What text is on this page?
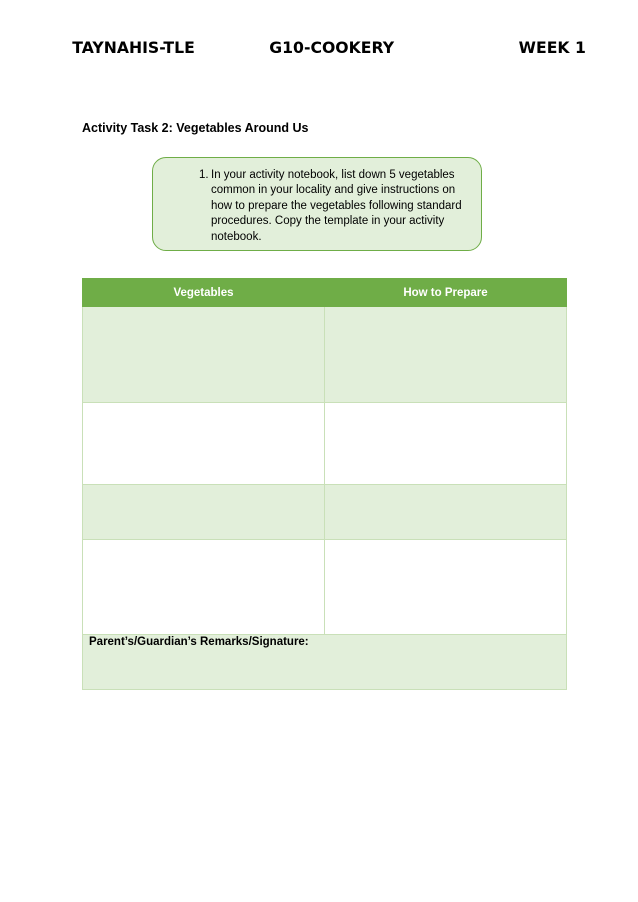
TAYNAHIS-TLE	G10-COOKERY	WEEK 1
Activity Task 2: Vegetables Around Us
1. In your activity notebook, list down 5 vegetables common in your locality and give instructions on how to prepare the vegetables following standard procedures. Copy the template in your activity notebook.
Vegetables	How to Prepare

Parent’s/Guardian’s Remarks/Signature:	
